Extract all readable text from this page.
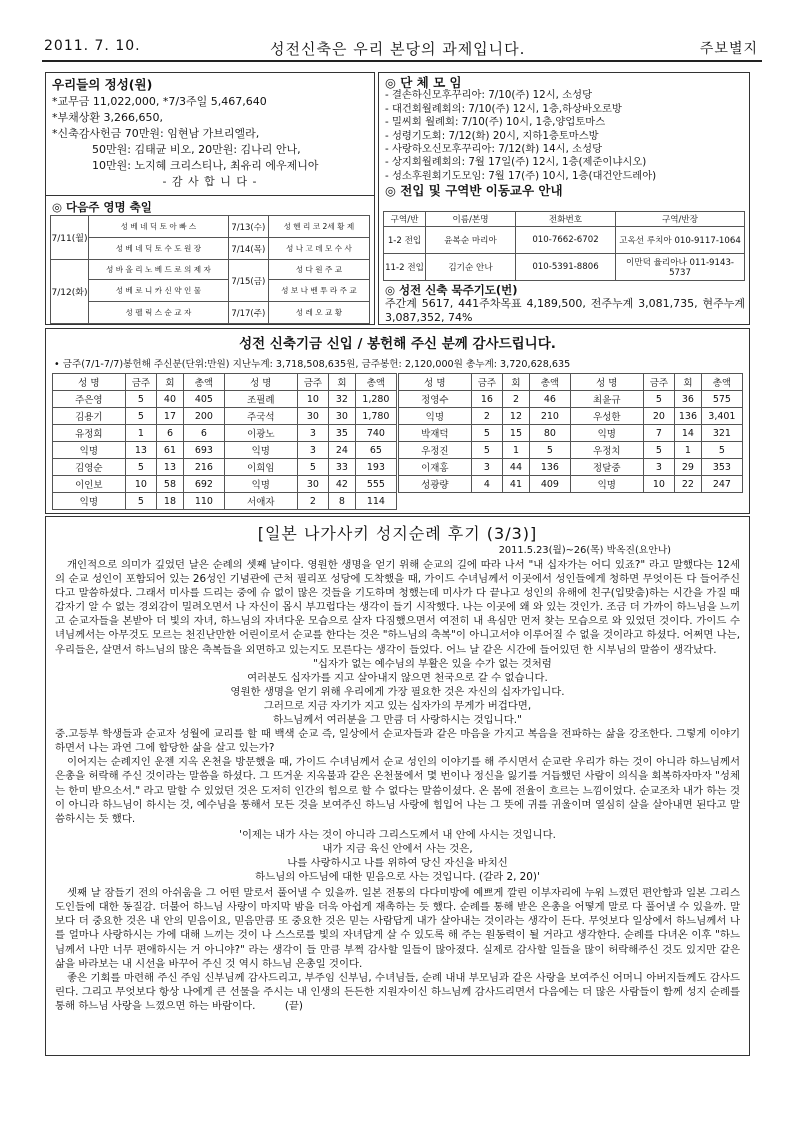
2011. 7. 10.	성전신축은 우리 본당의 과제입니다.	주보별지
우리들의 정성(원)
*교무금 11,022,000, *7/3주일 5,467,640
*부채상환 3,266,650,
*신축감사헌금 70만원: 임현남 가브리엘라,
50만원: 김태균 비오, 20만원: 김나리 안나,
10만원: 노지혜 크리스티나, 최유리 에우제니아
- 감 사 합 니 다 -
◎ 다음주 영명 축일
7/11(월)	성 베 네 딕 토 아 빠 스	7/13(수)	성 헨 리 코 2세 황 제
	성 베 네 딕 토 수 도 원 장	7/14(목)	성 나 고 데 모 수 사
7/12(화)	성 바 올 리 노 베 드 로 의 제 자	7/15(금)	성 다 원 주 교
	성 베 로 니 카 신 약 인 물		성 보 나 벤 투 라 주 교
	성 펠 릭 스 순 교 자	7/17(주)	성 레 오 교 황
◎ 단 체 모 임
- 결손하신모후꾸리아: 7/10(주) 12시, 소성당
- 대건회월례회의: 7/10(주) 12시, 1층,하상바오로방
- 밀씨회 월례회: 7/10(주) 10시, 1층,양업토마스
- 성령기도회: 7/12(화) 20시, 지하1층토마스방
- 사랑하오신모후꾸리아: 7/12(화) 14시, 소성당
- 상지회월례회의: 7월 17일(주) 12시, 1층(제준이냐시오)
- 성소후원회기도모임: 7월 17(주) 10시, 1층(대건안드레아)
◎ 전입 및 구역반 이동교우 안내
구역/반	이름/본명	전화번호	구역/반장
1-2 전입	윤복순 마리아	010-7662-6702	고옥선 루치아 010-9117-1064
11-2 전입	김기순 안나	010-5391-8806	이만덕 율리아나 011-9143-5737
◎ 성전 신축 묵주기도(번)
주간계 5617, 441주차목표 4,189,500, 전주누계 3,081,735, 현주누계 3,087,352, 74%
성전 신축기금 신입 / 봉헌해 주신 분께 감사드립니다.
• 금주(7/1-7/7)봉헌해 주신분(단위:만원) 지난누계: 3,718,508,635원, 금주봉헌: 2,120,000원 총누계: 3,720,628,635
성 명	금주	회	총액	성 명	금주	회	총액
주은영	5	40	405	조필례	10	32	1,280
김용기	5	17	200	주국석	30	30	1,780
유정희	1	6	6	이광노	3	35	740
익명	13	61	693	익명	3	24	65
김영순	5	13	216	이희임	5	33	193
이인보	10	58	692	익명	30	42	555
익명	5	18	110	서애자	2	8	114
성 명	금주	회	총액	성 명	금주	회	총액
정영수	16	2	46	최윤규	5	36	575
익명	2	12	210	우성한	20	136	3,401
박재덕	5	15	80	익명	7	14	321
우정진	5	1	5	우정치	5	1	5
이재홍	3	44	136	정달중	3	29	353
성광량	4	41	409	익명	10	22	247
[일본 나가사키 성지순례 후기 (3/3)]
2011.5.23(월)~26(목) 박옥진(요안나)
개인적으로 의미가 깊었던 날은 순례의 셋째 날이다. 영원한 생명을 얻기 위해 순교의 길에 따라 나서 "내 십자가는 어디 있죠?" 라고 말했다는 12세의 순교 성인이 포함되어 있는 26성인 기념관에 근처 필리포 성당에 도착했을 때, 가이드 수녀님께서 이곳에서 성인들에게 청하면 무엇이든 다 들어주신다고 말씀하셨다. 그래서 미사를 드리는 중에 슈 없이 많은 것들을 기도하며 청했는데 미사가 다 끝나고 성인의 유해에 친구(입맞춤)하는 시간을 가질 때 갑자기 알 수 없는 경외감이 밀려오면서 나 자신이 몹시 부끄럽다는 생각이 들기 시작했다. 나는 이곳에 왜 와 있는 것인가. 조금 더 가까이 하느님을 느끼고 순교자들을 본받아 더 빛의 자녀, 하느님의 자녀다운 모습으로 살자 다짐했으면서 여전히 내 욕심만 먼저 찾는 모습으로 와 있었던 것이다. 가이드 수녀님께서는 아무것도 모르는 천진난만한 어린이로서 순교를 한다는 것은 "하느님의 축복"이 아니고서야 이루어질 수 없을 것이라고 하셨다. 어쩌면 나는, 우리들은, 살면서 하느님의 많은 축복들을 외면하고 있는지도 모른다는 생각이 들었다. 어느 날 같은 시간에 들어있던 한 시부님의 말씀이 생각났다.
"십자가 없는 예수님의 부활은 있을 수가 없는 것처럼
여러분도 십자가를 지고 살아내지 않으면 천국으로 갈 수 없습니다.
영원한 생명을 얻기 위해 우리에게 가장 필요한 것은 자신의 십자가입니다.
그러므로 지금 자기가 지고 있는 십자가의 무게가 버겁다면,
하느님께서 여러분을 그 만큼 더 사랑하시는 것입니다."
중.고등부 학생들과 순교자 성월에 교리를 할 때 백색 순교 즉, 일상에서 순교자들과 같은 마음을 가지고 복음을 전파하는 삶을 강조한다. 그렇게 이야기하면서 나는 과연 그에 합당한 삶을 살고 있는가?
이어지는 순례지인 운젠 지옥 온천을 방문했을 때, 가이드 수녀님께서 순교 성인의 이야기를 해 주시면서 순교란 우리가 하는 것이 아니라 하느님께서 은총을 허락해 주신 것이라는 말씀을 하셨다. 그 뜨거운 지옥불과 같은 온천물에서 몇 번이나 정신을 잃기를 거듭했던 사람이 의식을 회복하자마자 "성체는 한미 받으소서." 라고 말할 수 있었던 것은 도저히 인간의 힘으로 할 수 없다는 말씀이셨다. 온 몸에 전율이 흐르는 느낌이었다. 순교조차 내가 하는 것이 아니라 하느님이 하시는 것, 예수님을 통해서 모든 것을 보여주신 하느님 사랑에 힘입어 나는 그 뜻에 귀를 귀울이며 열심히 살을 살아내면 된다고 말씀하시는 듯 했다.
'이제는 내가 사는 것이 아니라 그리스도께서 내 안에 사시는 것입니다.
내가 지금 육신 안에서 사는 것은,
나를 사랑하시고 나를 위하여 당신 자신을 바치신
하느님의 아드님에 대한 믿음으로 사는 것입니다. (갈라 2, 20)'
셋째 날 잠들기 전의 아쉬움을 그 어떤 말로서 풀어낼 수 있을까. 일본 전통의 다다미방에 예쁘게 깔린 이부자리에 누워 느꼈던 편안함과 일본 그리스도인들에 대한 동질감. 더불어 하느님 사랑이 마지막 밤을 더욱 아쉽게 재촉하는 듯 했다. 순례를 통해 받은 은총을 어떻게 말로 다 풀어낼 수 있을까. 말보다 더 중요한 것은 내 안의 믿음이요, 믿음만큼 또 중요한 것은 믿는 사람답게 내가 살아내는 것이라는 생각이 든다. 무엇보다 일상에서 하느님께서 나를 얼마나 사랑하시는 가에 대해 느끼는 것이 나 스스로를 빛의 자녀답게 살 수 있도록 해 주는 원동력이 될 거라고 생각한다. 순례를 다녀온 이후 "하느님께서 나만 너무 편애하시는 거 아니야?" 라는 생각이 들 만큼 부쩍 감사할 일들이 많아졌다. 실제로 감사할 일들을 많이 허락해주신 것도 있지만 같은 삶을 바라보는 내 시선을 바꾸어 주신 것 역시 하느님 은총일 것이다.
좋은 기회를 마련해 주신 주임 신부님께 감사드리고, 부주임 신부님, 수녀님들, 순례 내내 부모님과 같은 사랑을 보여주신 어머니 아버지들께도 감사드린다. 그리고 무엇보다 항상 나에게 큰 선물을 주시는 내 인생의 든든한 지원자이신 하느님께 감사드리면서 다음에는 더 많은 사람들이 함께 성지 순례를 통해 하느님 사랑을 느꼈으면 하는 바람이다.	(끝)
